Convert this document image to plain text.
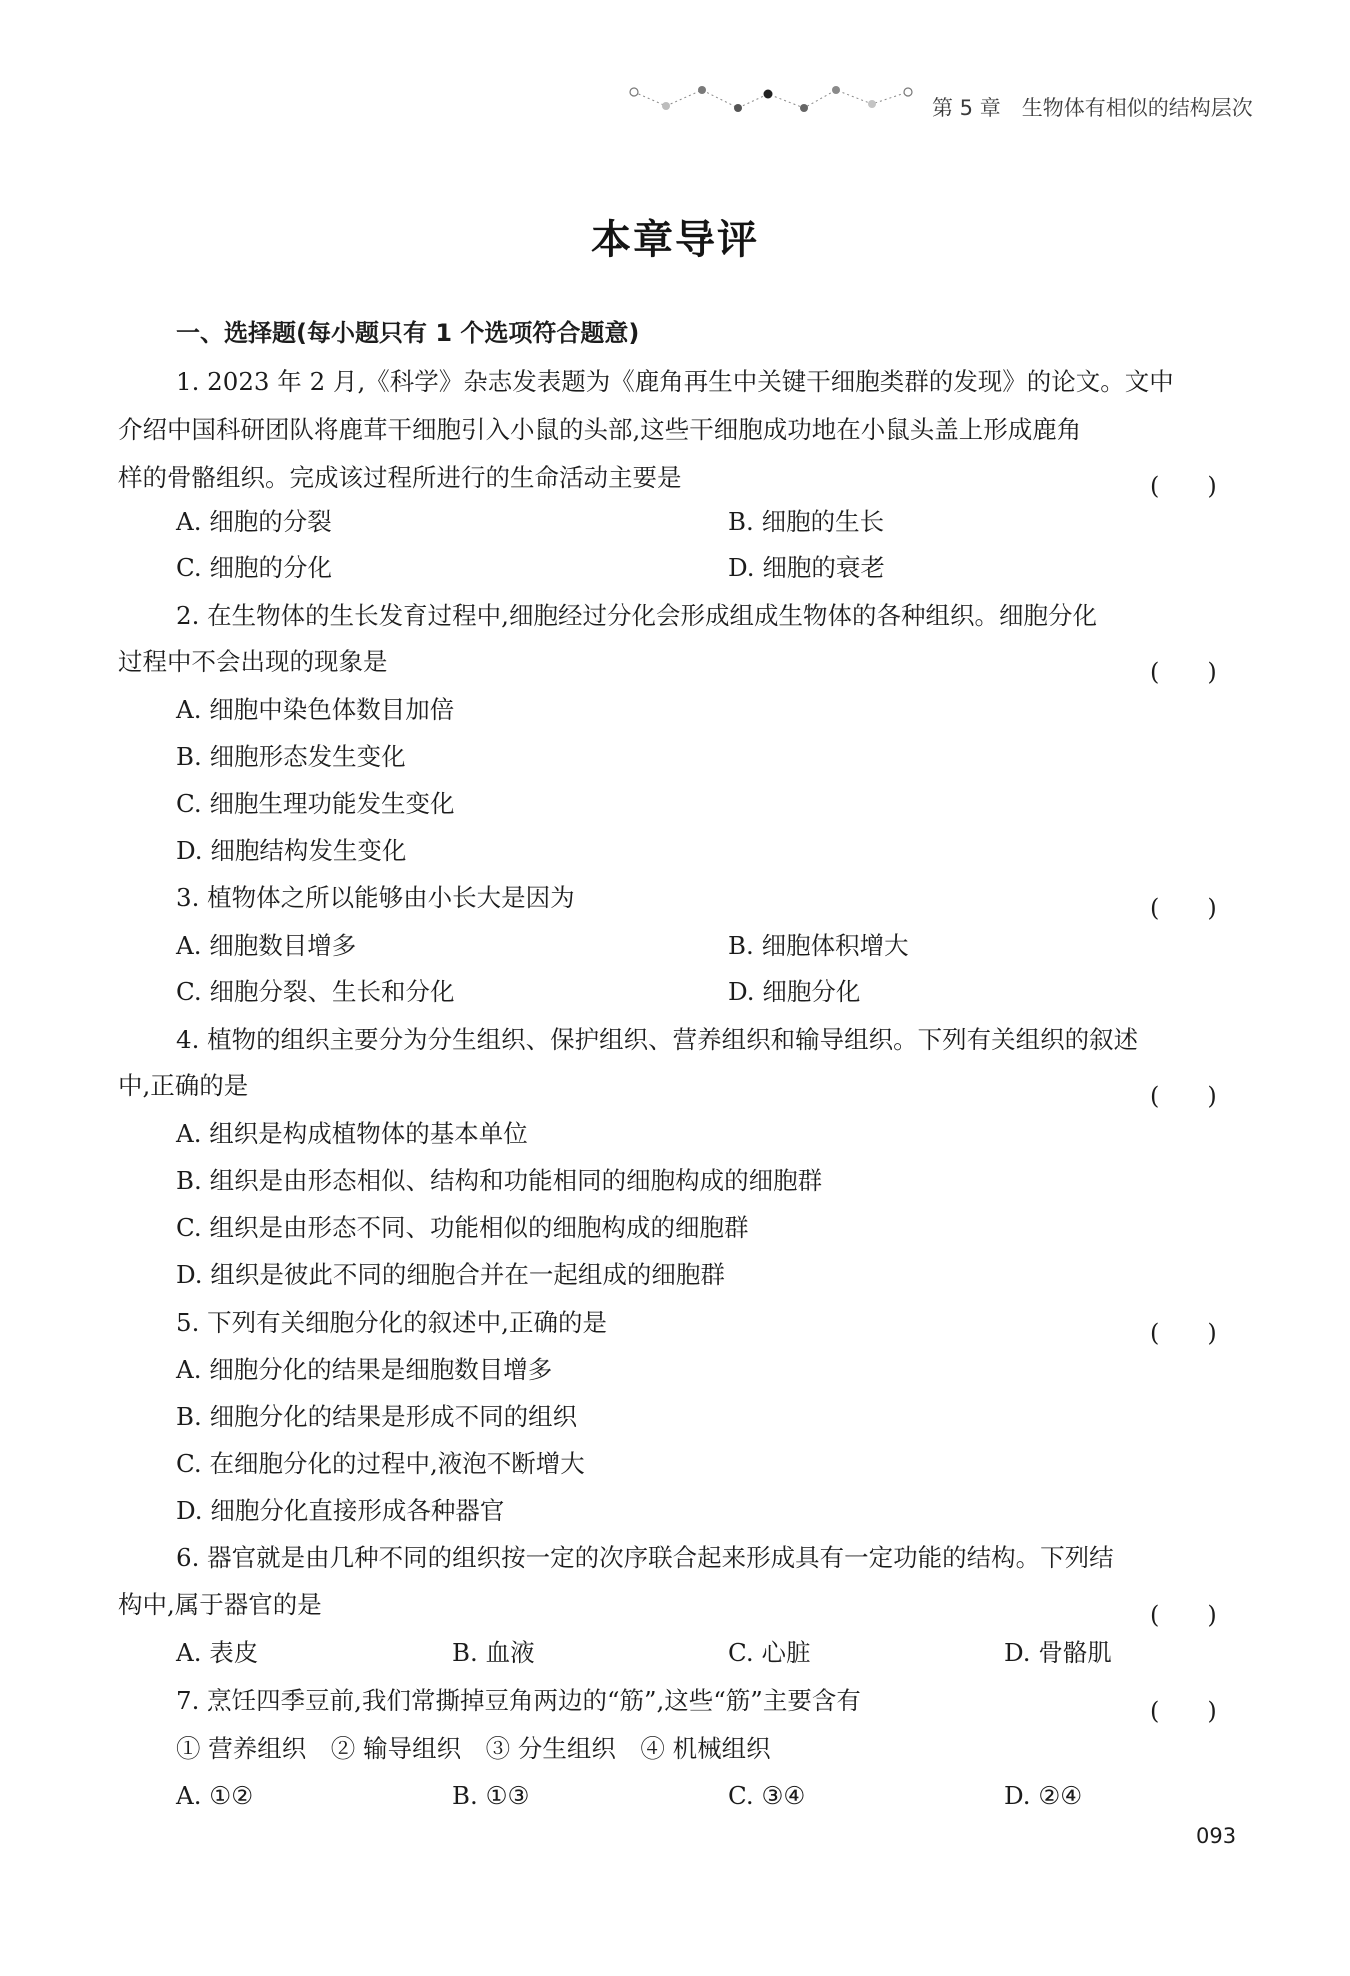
第 5 章　生物体有相似的结构层次
本章导评
一、选择题(每小题只有 1 个选项符合题意)
1. 2023 年 2 月,《科学》杂志发表题为《鹿角再生中关键干细胞类群的发现》的论文。文中
介绍中国科研团队将鹿茸干细胞引入小鼠的头部,这些干细胞成功地在小鼠头盖上形成鹿角
样的骨骼组织。完成该过程所进行的生命活动主要是	(　　)
A. 细胞的分裂	B. 细胞的生长
C. 细胞的分化	D. 细胞的衰老
2. 在生物体的生长发育过程中,细胞经过分化会形成组成生物体的各种组织。细胞分化
过程中不会出现的现象是	(　　)
A. 细胞中染色体数目加倍
B. 细胞形态发生变化
C. 细胞生理功能发生变化
D. 细胞结构发生变化
3. 植物体之所以能够由小长大是因为	(　　)
A. 细胞数目增多	B. 细胞体积增大
C. 细胞分裂、生长和分化	D. 细胞分化
4. 植物的组织主要分为分生组织、保护组织、营养组织和输导组织。下列有关组织的叙述
中,正确的是	(　　)
A. 组织是构成植物体的基本单位
B. 组织是由形态相似、结构和功能相同的细胞构成的细胞群
C. 组织是由形态不同、功能相似的细胞构成的细胞群
D. 组织是彼此不同的细胞合并在一起组成的细胞群
5. 下列有关细胞分化的叙述中,正确的是	(　　)
A. 细胞分化的结果是细胞数目增多
B. 细胞分化的结果是形成不同的组织
C. 在细胞分化的过程中,液泡不断增大
D. 细胞分化直接形成各种器官
6. 器官就是由几种不同的组织按一定的次序联合起来形成具有一定功能的结构。下列结
构中,属于器官的是	(　　)
A. 表皮	B. 血液	C. 心脏	D. 骨骼肌
7. 烹饪四季豆前,我们常撕掉豆角两边的“筋”,这些“筋”主要含有	(　　)
① 营养组织　② 输导组织　③ 分生组织　④ 机械组织
A. ①②	B. ①③	C. ③④	D. ②④
093
